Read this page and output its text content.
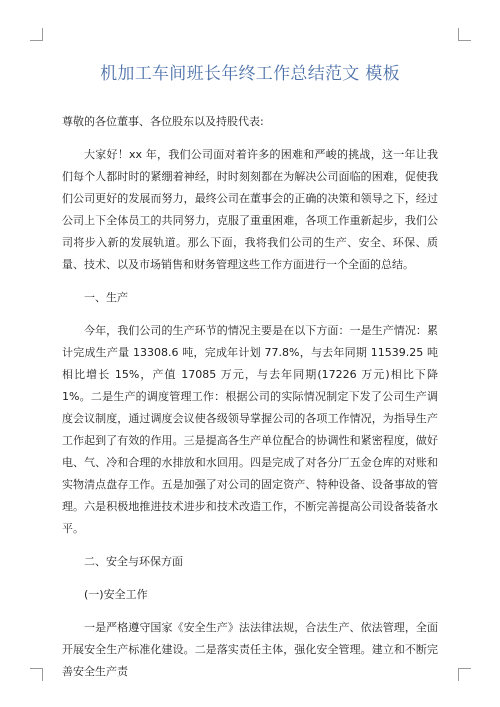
机加工车间班长年终工作总结范文 模板

尊敬的各位董事、各位股东以及持股代表:

大家好！xx 年，我们公司面对着许多的困难和严峻的挑战，这一年让我们每个人都时时的紧绷着神经，时时刻刻都在为解决公司面临的困难，促使我们公司更好的发展而努力，最终公司在董事会的正确的决策和领导之下，经过公司上下全体员工的共同努力，克服了重重困难，各项工作重新起步，我们公司将步入新的发展轨道。那么下面，我将我们公司的生产、安全、环保、质量、技术、以及市场销售和财务管理这些工作方面进行一个全面的总结。

一、生产

今年，我们公司的生产环节的情况主要是在以下方面：一是生产情况：累计完成生产量 13308.6 吨，完成年计划 77.8%，与去年同期 11539.25 吨相比增长 15%，产值 17085 万元，与去年同期(17226 万元)相比下降 1%。二是生产的调度管理工作：根据公司的实际情况制定下发了公司生产调度会议制度，通过调度会议使各级领导掌握公司的各项工作情况，为指导生产工作起到了有效的作用。三是提高各生产单位配合的协调性和紧密程度，做好电、气、冷和合理的水排放和水回用。四是完成了对各分厂五金仓库的对账和实物清点盘存工作。五是加强了对公司的固定资产、特种设备、设备事故的管理。六是积极地推进技术进步和技术改造工作，不断完善提高公司设备装备水平。

二、安全与环保方面

(一)安全工作

一是严格遵守国家《安全生产》法法律法规，合法生产、依法管理，全面开展安全生产标准化建设。二是落实责任主体，强化安全管理。建立和不断完善安全生产责
